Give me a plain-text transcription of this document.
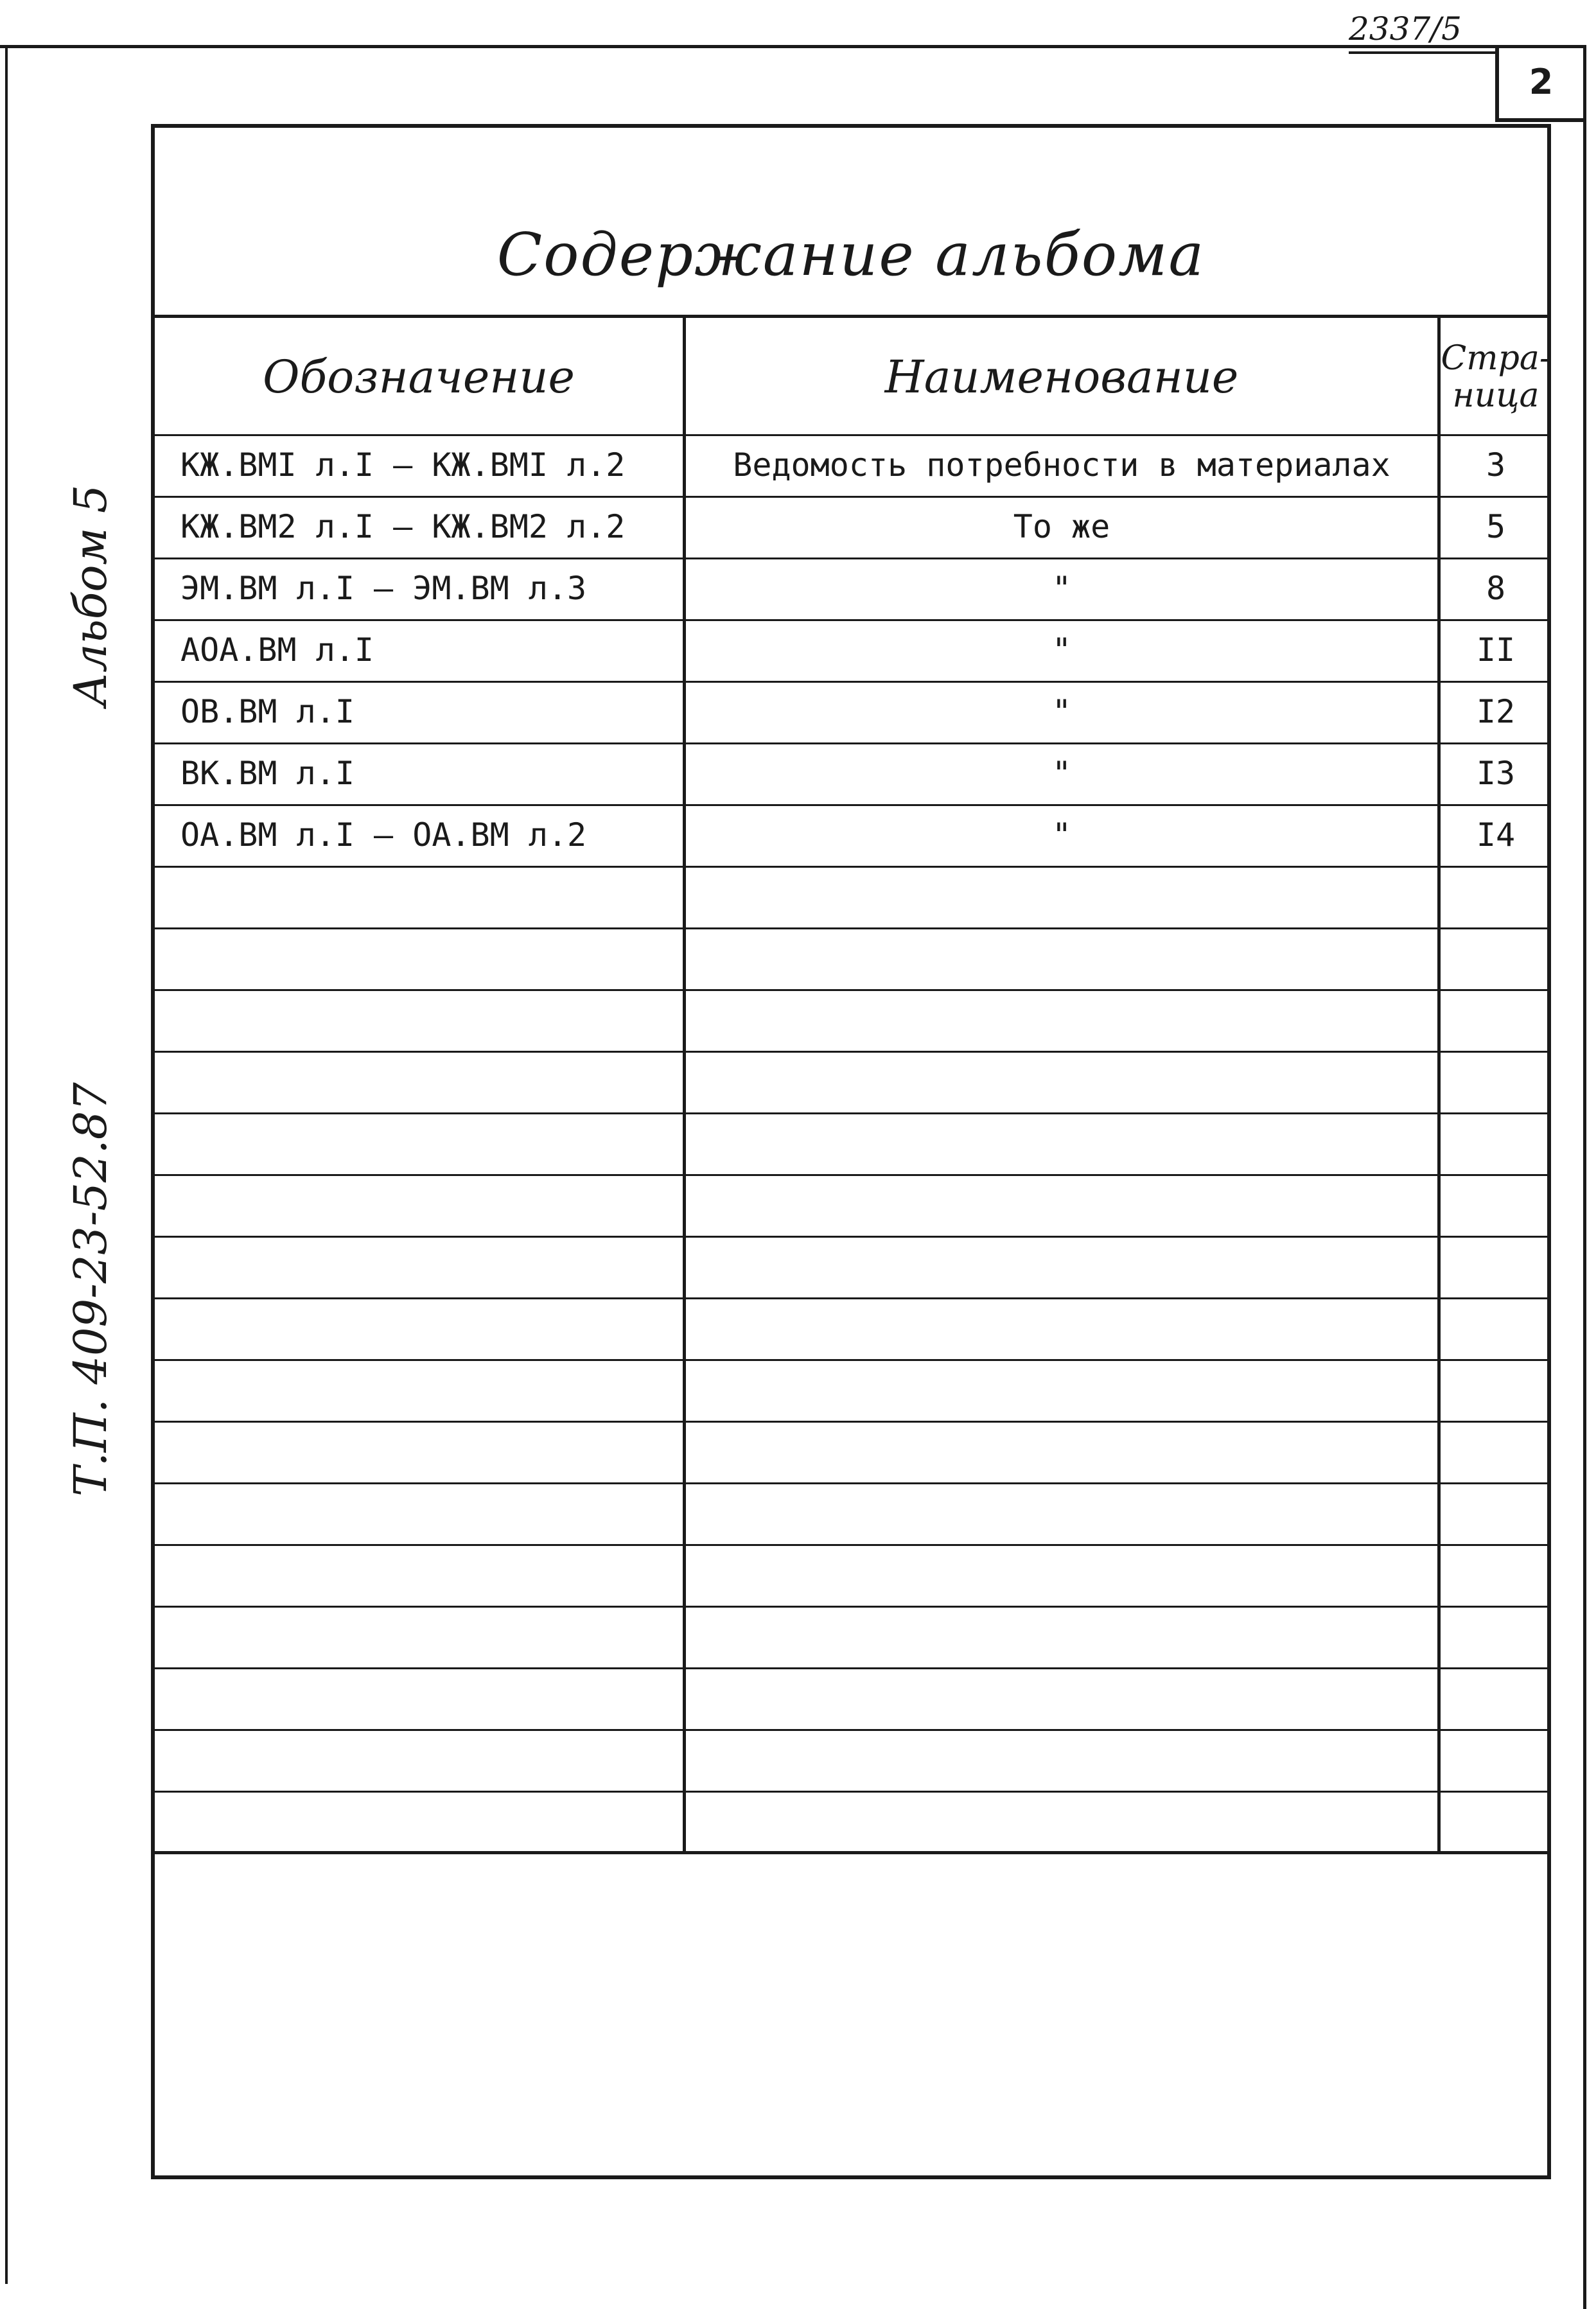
2337/5
2
Альбом 5
Т.П. 409-23-52.87
Содержание альбома
Обозначение	Наименование	Стра-
ница
КЖ.ВМI л.I – КЖ.ВМI л.2	Ведомость потребности в материалах	3
КЖ.ВМ2 л.I – КЖ.ВМ2 л.2	То же	5
ЭМ.ВМ л.I – ЭМ.ВМ л.3	"	8
АОА.ВМ л.I	"	II
ОВ.ВМ л.I	"	I2
ВК.ВМ л.I	"	I3
ОА.ВМ л.I – ОА.ВМ л.2	"	I4
